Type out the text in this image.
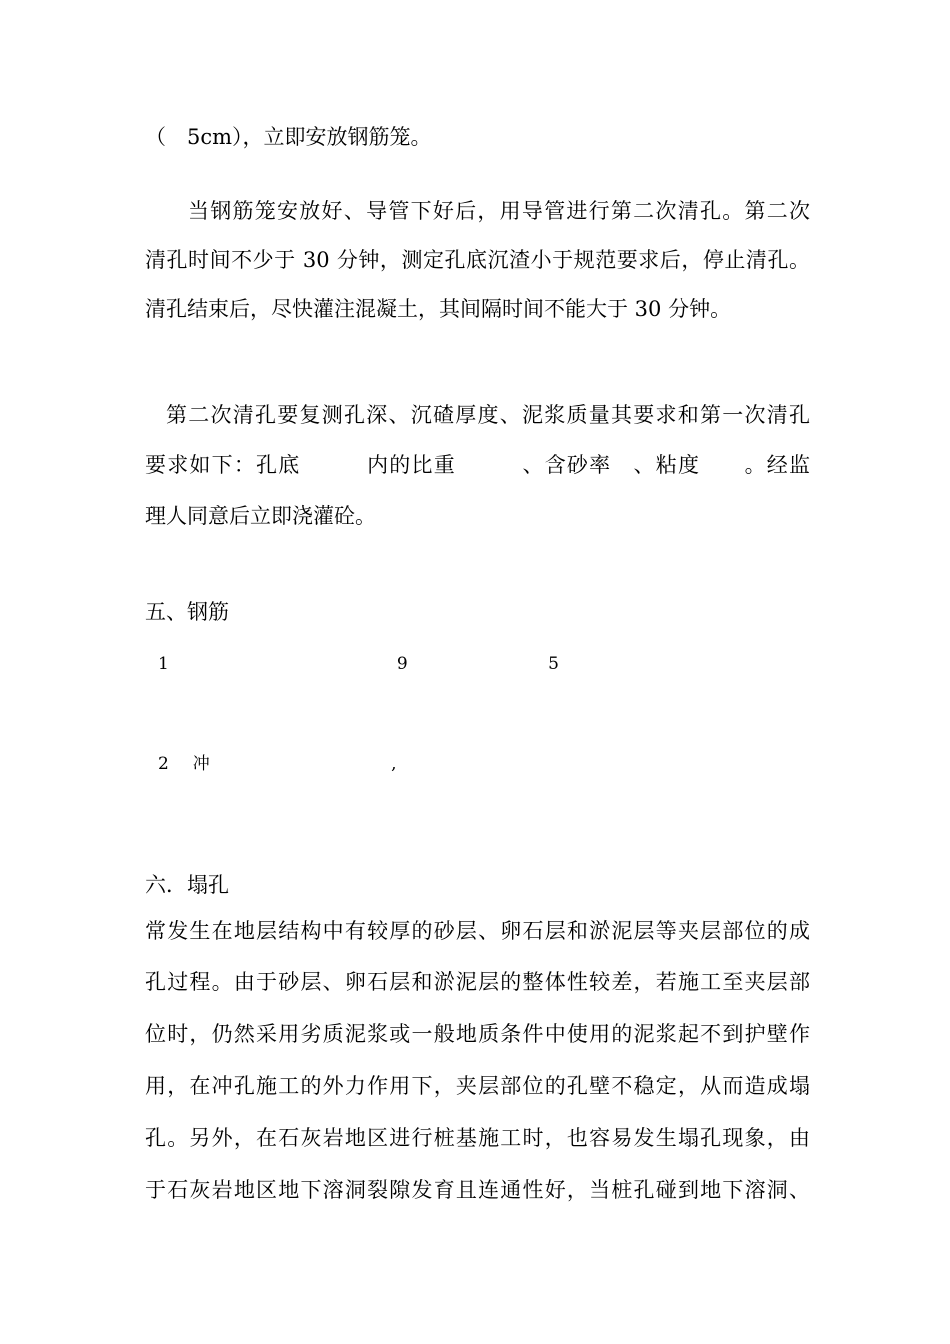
（　5cm），立即安放钢筋笼。
当钢筋笼安放好、导管下好后，用导管进行第二次清孔。第二次
清孔时间不少于 30 分钟，测定孔底沉渣小于规范要求后，停止清孔。
清孔结束后，尽快灌注混凝土，其间隔时间不能大于 30 分钟。
第二次清孔要复测孔深、沉碴厚度、泥浆质量其要求和第一次清孔
要求如下：孔底　　　内的比重　　　、含砂率　、粘度　　。经监
理人同意后立即浇灌砼。
五、钢筋
1　　　　　　　　　　　　　9　　　　　　　　5　　　　　　　　　

2　 冲　　　　　　　　　　 ,　　　　　　　　　　　　　　　　　　　

六．塌孔
常发生在地层结构中有较厚的砂层、卵石层和淤泥层等夹层部位的成
孔过程。由于砂层、卵石层和淤泥层的整体性较差，若施工至夹层部
位时，仍然采用劣质泥浆或一般地质条件中使用的泥浆起不到护壁作
用，在冲孔施工的外力作用下，夹层部位的孔壁不稳定，从而造成塌
孔。另外，在石灰岩地区进行桩基施工时，也容易发生塌孔现象，由
于石灰岩地区地下溶洞裂隙发育且连通性好，当桩孔碰到地下溶洞、
